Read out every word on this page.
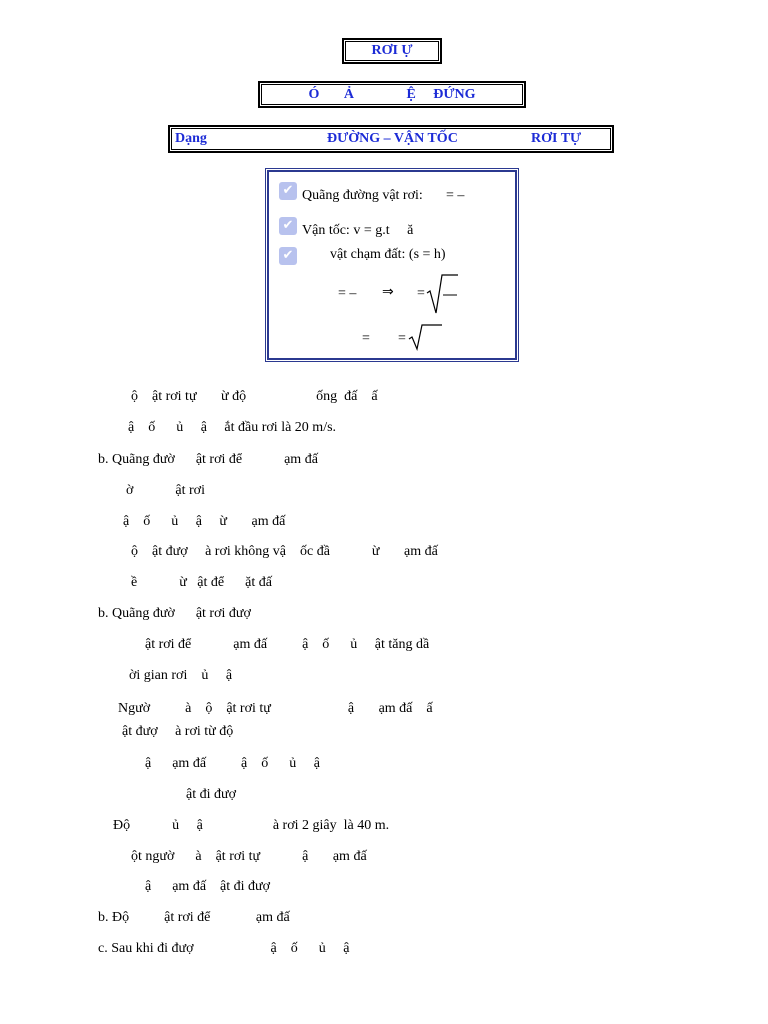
RƠI Ự
Ó       Ả               Ệ     ĐỨNG
Dạng	ĐƯỜNG – VẬN TỐC	RƠI TỰ
✔ Quãng đường vật rơi: = –
✔ Vận tốc: v = g.t     ă
✔	vật chạm đất: (s = h)
= – ⇒ =
= =
ộ    ật rơi tự       ừ độ                    ống  đấ    ấ
ậ    ố      ủ     ậ     ắt đầu rơi là 20 m/s.
b. Quãng đườ      ật rơi để            ạm đấ
ờ            ật rơi
ậ    ố      ủ     ậ     ừ       ạm đấ
ộ    ật đượ     à rơi không vậ    ốc đầ            ừ       ạm đấ
ề            ừ   ật để      ặt đấ
b. Quãng đườ      ật rơi đượ
ật rơi để            ạm đấ          ậ    ố      ủ     ật tăng dầ
ời gian rơi    ủ     ậ
Ngườ          à    ộ    ật rơi tự                      ậ       ạm đấ    ấ
ật đượ     à rơi từ độ
ậ      ạm đấ          ậ    ố      ủ     ậ
ật đi đượ
Độ            ủ     ậ                    à rơi 2 giây  là 40 m.
ột ngườ      à    ật rơi tự            ậ       ạm đấ
ậ      ạm đấ    ật đi đượ
b. Độ          ật rơi để             ạm đấ
c. Sau khi đi đượ                      ậ    ố      ủ     ậ
